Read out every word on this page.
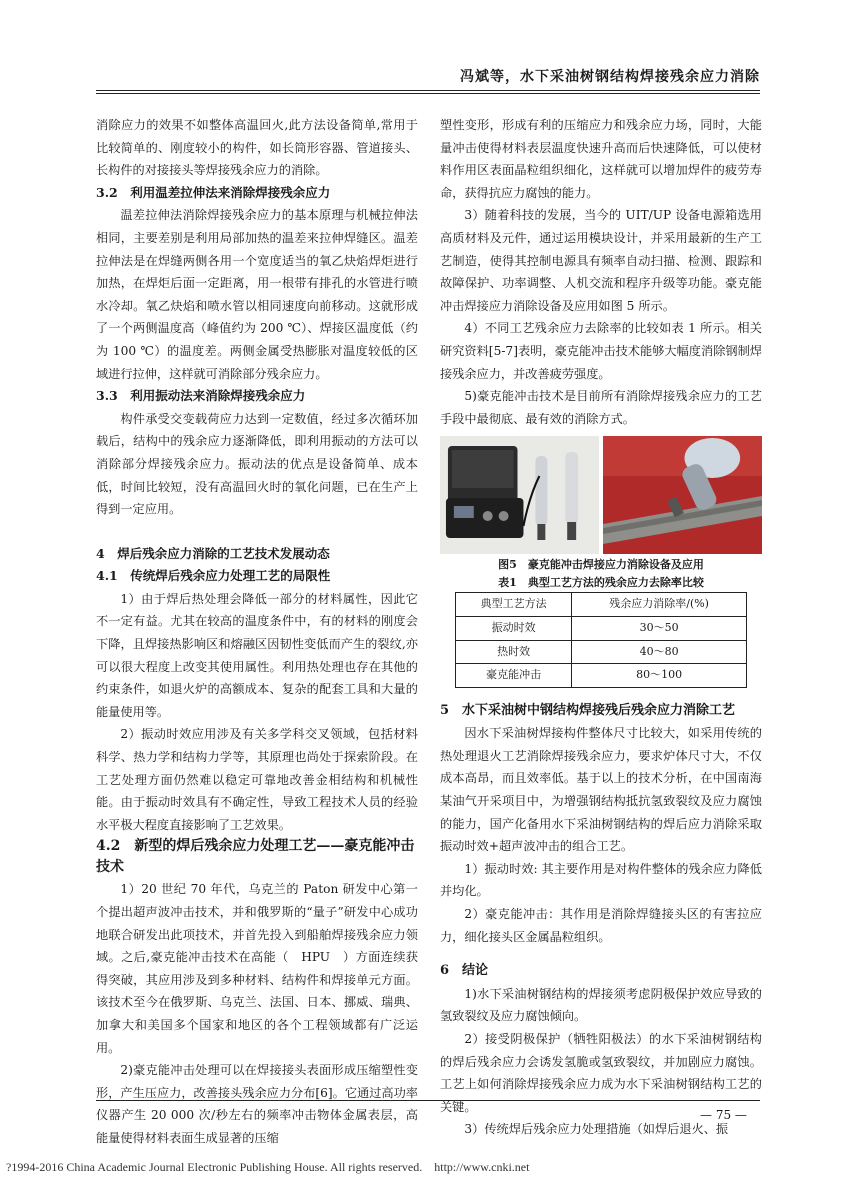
冯斌等，水下采油树钢结构焊接残余应力消除

消除应力的效果不如整体高温回火,此方法设备简单,常用于比较简单的、刚度较小的构件，如长筒形容器、管道接头、长构件的对接接头等焊接残余应力的消除。

3.2　利用温差拉伸法来消除焊接残余应力

温差拉伸法消除焊接残余应力的基本原理与机械拉伸法相同，主要差别是利用局部加热的温差来拉伸焊缝区。温差拉伸法是在焊缝两侧各用一个宽度适当的氧乙炔焰焊炬进行加热，在焊炬后面一定距离，用一根带有排孔的水管进行喷水冷却。氧乙炔焰和喷水管以相同速度向前移动。这就形成了一个两侧温度高（峰值约为 200 ℃）、焊接区温度低（约为 100 ℃）的温度差。两侧金属受热膨胀对温度较低的区域进行拉伸，这样就可消除部分残余应力。

3.3　利用振动法来消除焊接残余应力

构件承受交变载荷应力达到一定数值，经过多次循环加载后，结构中的残余应力逐渐降低，即利用振动的方法可以消除部分焊接残余应力。振动法的优点是设备简单、成本低，时间比较短，没有高温回火时的氧化问题，已在生产上得到一定应用。

4　焊后残余应力消除的工艺技术发展动态
4.1　传统焊后残余应力处理工艺的局限性

1）由于焊后热处理会降低一部分的材料属性，因此它不一定有益。尤其在较高的温度条件中，有的材料的刚度会下降，且焊接热影响区和熔融区因韧性变低而产生的裂纹,亦可以很大程度上改变其使用属性。利用热处理也存在其他的约束条件，如退火炉的高额成本、复杂的配套工具和大量的能量使用等。

2）振动时效应用涉及有关多学科交叉领域，包括材料科学、热力学和结构力学等，其原理也尚处于探索阶段。在工艺处理方面仍然难以稳定可靠地改善金相结构和机械性能。由于振动时效具有不确定性，导致工程技术人员的经验水平极大程度直接影响了工艺效果。

4.2　新型的焊后残余应力处理工艺——豪克能冲击技术

1）20 世纪 70 年代，乌克兰的 Paton 研发中心第一个提出超声波冲击技术，并和俄罗斯的“量子”研发中心成功地联合研发出此项技术，并首先投入到船舶焊接残余应力领域。之后,豪克能冲击技术在高能（　HPU　）方面连续获得突破，其应用涉及到多种材料、结构件和焊接单元方面。该技术至今在俄罗斯、乌克兰、法国、日本、挪威、瑞典、加拿大和美国多个国家和地区的各个工程领域都有广泛运用。

2)豪克能冲击处理可以在焊接接头表面形成压缩塑性变形，产生压应力，改善接头残余应力分布[6]。它通过高功率仪器产生 20 000 次/秒左右的频率冲击物体金属表层，高能量使得材料表面生成显著的压缩

塑性变形，形成有利的压缩应力和残余应力场，同时，大能量冲击使得材料表层温度快速升高而后快速降低，可以使材料作用区表面晶粒组织细化，这样就可以增加焊件的疲劳寿命，获得抗应力腐蚀的能力。

3）随着科技的发展，当今的 UIT/UP 设备电源箱选用高质材料及元件，通过运用模块设计，并采用最新的生产工艺制造，使得其控制电源具有频率自动扫描、检测、跟踪和故障保护、功率调整、人机交流和程序升级等功能。豪克能冲击焊接应力消除设备及应用如图 5 所示。

4）不同工艺残余应力去除率的比较如表 1 所示。相关研究资料[5-7]表明，豪克能冲击技术能够大幅度消除钢制焊接残余应力，并改善疲劳强度。

5)豪克能冲击技术是目前所有消除焊接残余应力的工艺手段中最彻底、最有效的消除方式。

图5　豪克能冲击焊接应力消除设备及应用
表1　典型工艺方法的残余应力去除率比较
典型工艺方法	残余应力消除率/(%)
振动时效	30～50
热时效	40～80
豪克能冲击	80～100
5　水下采油树中钢结构焊接残后残余应力消除工艺

因水下采油树焊接构件整体尺寸比较大，如采用传统的热处理退火工艺消除焊接残余应力，要求炉体尺寸大，不仅成本高昂，而且效率低。基于以上的技术分析，在中国南海某油气开采项目中，为增强钢结构抵抗氢致裂纹及应力腐蚀的能力，国产化备用水下采油树钢结构的焊后应力消除采取振动时效+超声波冲击的组合工艺。

1）振动时效: 其主要作用是对构件整体的残余应力降低并均化。

2）豪克能冲击：其作用是消除焊缝接头区的有害拉应力，细化接头区金属晶粒组织。

6　结论

1)水下采油树钢结构的焊接须考虑阴极保护效应导致的氢致裂纹及应力腐蚀倾向。

2）接受阴极保护（牺牲阳极法）的水下采油树钢结构的焊后残余应力会诱发氢脆或氢致裂纹，并加剧应力腐蚀。工艺上如何消除焊接残余应力成为水下采油树钢结构工艺的关键。

3）传统焊后残余应力处理措施（如焊后退火、振

— 75 —
?1994-2016 China Academic Journal Electronic Publishing House. All rights reserved.　http://www.cnki.net
